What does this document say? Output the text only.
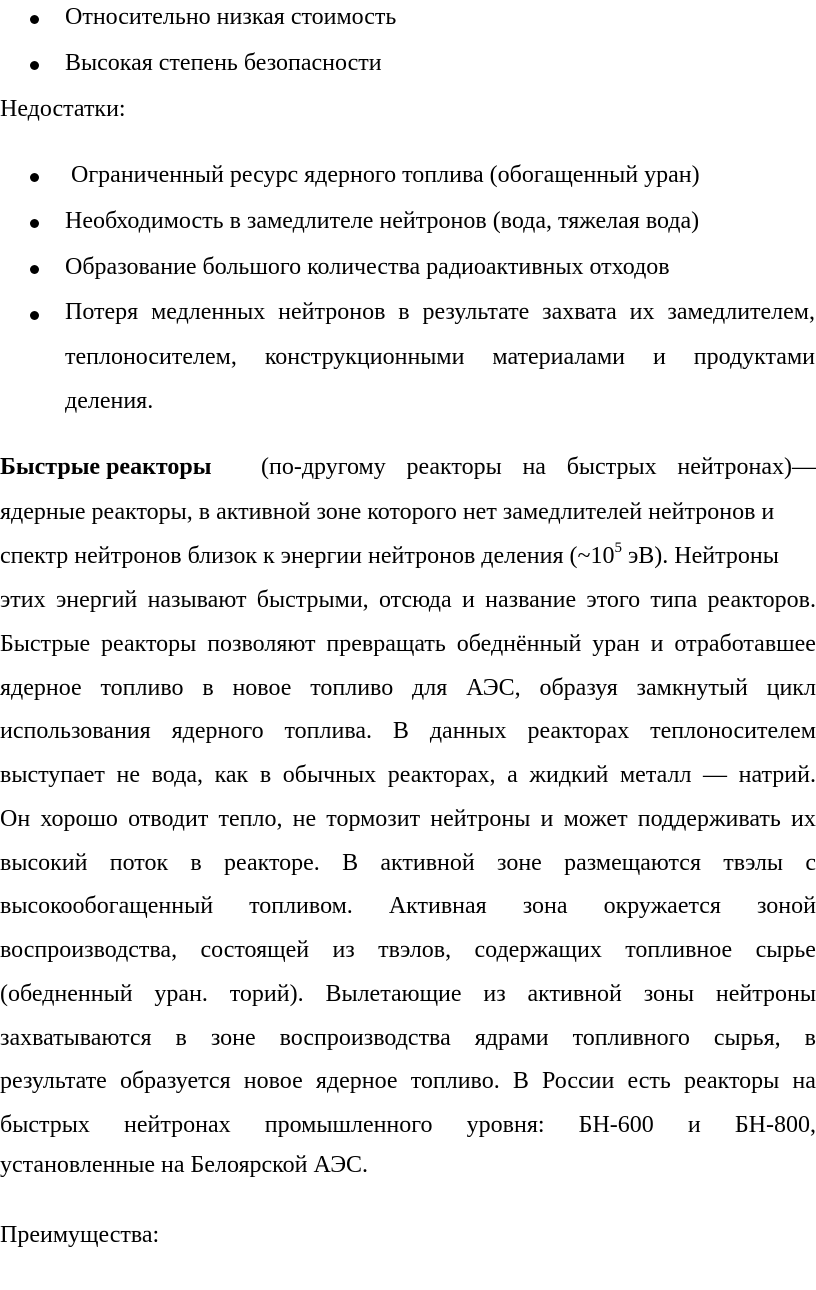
Относительно низкая стоимость
Высокая степень безопасности
Недостатки:
Ограниченный ресурс ядерного топлива (обогащенный уран)
Необходимость в замедлителе нейтронов (вода, тяжелая вода)
Образование большого количества радиоактивных отходов
Потеря медленных нейтронов в результате захвата их замедлителем,
теплоносителем, конструкционными материалами и продуктами
деления.
Быстрые реакторы (по-другому реакторы на быстрых нейтронах)—
ядерные реакторы, в активной зоне которого нет замедлителей нейтронов и
спектр нейтронов близок к энергии нейтронов деления ($\sim 10^5$ эВ). Нейтроны
этих энергий называют быстрыми, отсюда и название этого типа реакторов.
Быстрые реакторы позволяют превращать обеднённый уран и отработавшее
ядерное топливо в новое топливо для АЭС, образуя замкнутый цикл
использования ядерного топлива. В данных реакторах теплоносителем
выступает не вода, как в обычных реакторах, а жидкий металл — натрий.
Он хорошо отводит тепло, не тормозит нейтроны и может поддерживать их
высокий поток в реакторе. В активной зоне размещаются твэлы с
высокообогащенный топливом. Активная зона окружается зоной
воспроизводства, состоящей из твэлов, содержащих топливное сырье
(обедненный уран. торий). Вылетающие из активной зоны нейтроны
захватываются в зоне воспроизводства ядрами топливного сырья, в
результате образуется новое ядерное топливо. В России есть реакторы на
быстрых нейтронах промышленного уровня: БН-600 и БН-800,
установленные на Белоярской АЭС.
Преимущества:
